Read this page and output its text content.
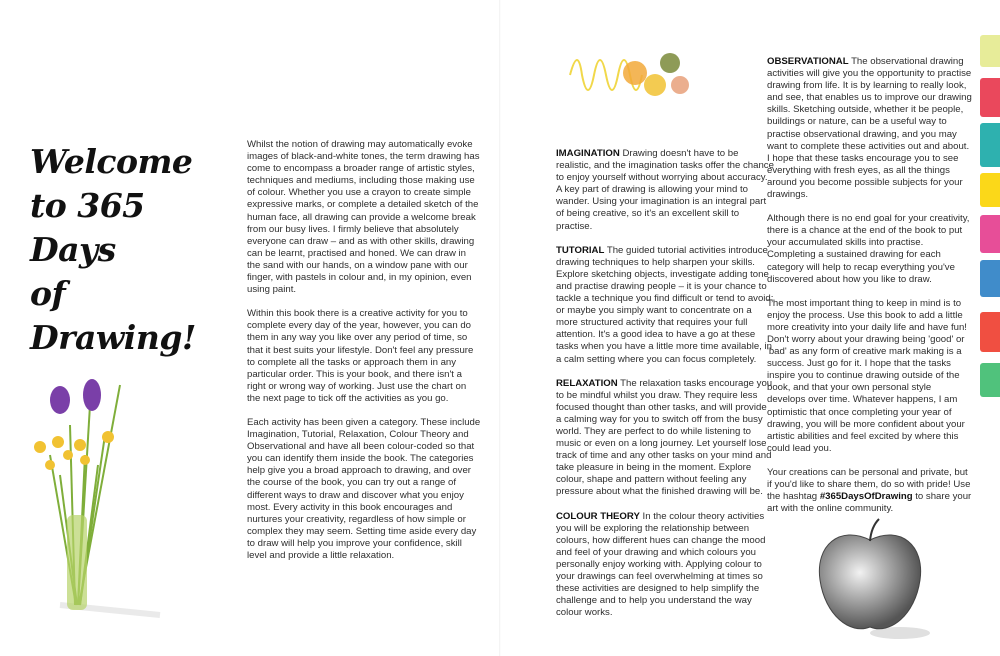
Welcome
to 365 Days
of Drawing!

Whilst the notion of drawing may automatically evoke images of black-and-white tones, the term drawing has come to encompass a broader range of artistic styles, techniques and mediums, including those making use of colour. Whether you use a crayon to create simple expressive marks, or complete a detailed sketch of the human face, all drawing can provide a welcome break from our busy lives. I firmly believe that absolutely everyone can draw – and as with other skills, drawing can be learnt, practised and honed. We can draw in the sand with our hands, on a window pane with our finger, with pastels in colour and, in my opinion, even using paint.

Within this book there is a creative activity for you to complete every day of the year, however, you can do them in any way you like over any period of time, so that it best suits your lifestyle. Don't feel any pressure to complete all the tasks or approach them in any particular order. This is your book, and there isn't a right or wrong way of working. Just use the chart on the next page to tick off the activities as you go.

Each activity has been given a category. These include Imagination, Tutorial, Relaxation, Colour Theory and Observational and have all been colour-coded so that you can identify them inside the book. The categories help give you a broad approach to drawing, and over the course of the book, you can try out a range of different ways to draw and discover what you enjoy most. Every activity in this book encourages and nurtures your creativity, regardless of how simple or complex they may seem. Setting time aside every day to draw will help you improve your confidence, skill level and provide a little relaxation.

IMAGINATION Drawing doesn't have to be realistic, and the imagination tasks offer the chance to enjoy yourself without worrying about accuracy. A key part of drawing is allowing your mind to wander. Using your imagination is an integral part of being creative, so it's an excellent skill to practise.

TUTORIAL The guided tutorial activities introduce drawing techniques to help sharpen your skills. Explore sketching objects, investigate adding tone and practise drawing people – it is your chance to tackle a technique you find difficult or tend to avoid; or maybe you simply want to concentrate on a more structured activity that requires your full attention. It's a good idea to have a go at these tasks when you have a little more time available, in a calm setting where you can focus completely.

RELAXATION The relaxation tasks encourage you to be mindful whilst you draw. They require less focused thought than other tasks, and will provide a calming way for you to switch off from the busy world. They are perfect to do while listening to music or even on a long journey. Let yourself lose track of time and any other tasks on your mind and take pleasure in being in the moment. Explore colour, shape and pattern without feeling any pressure about what the finished drawing will be.

COLOUR THEORY In the colour theory activities you will be exploring the relationship between colours, how different hues can change the mood and feel of your drawing and which colours you personally enjoy working with. Applying colour to your drawings can feel overwhelming at times so these activities are designed to help simplify the challenge and to help you understand the way colour works.

OBSERVATIONAL The observational drawing activities will give you the opportunity to practise drawing from life. It is by learning to really look, and see, that enables us to improve our drawing skills. Sketching outside, whether it be people, buildings or nature, can be a useful way to practise observational drawing, and you may want to complete these activities out and about. I hope that these tasks encourage you to see everything with fresh eyes, as all the things around you become possible subjects for your drawings.

Although there is no end goal for your creativity, there is a chance at the end of the book to put your accumulated skills into practise. Completing a sustained drawing for each category will help to recap everything you've discovered about how you like to draw.

The most important thing to keep in mind is to enjoy the process. Use this book to add a little more creativity into your daily life and have fun! Don't worry about your drawing being 'good' or 'bad' as any form of creative mark making is a success. Just go for it. I hope that the tasks inspire you to continue drawing outside of the book, and that your own personal style develops over time. Whatever happens, I am optimistic that once completing your year of drawing, you will be more confident about your artistic abilities and feel excited by where this could lead you.

Your creations can be personal and private, but if you'd like to share them, do so with pride! Use the hashtag #365DaysOfDrawing to share your art with the online community.
